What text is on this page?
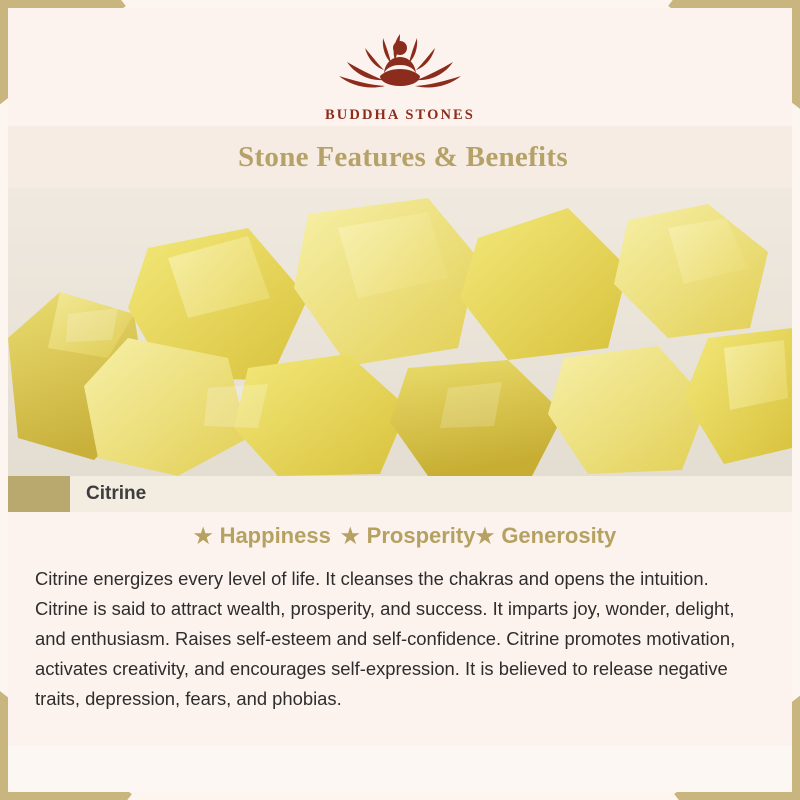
BUDDHA STONES
Stone Features & Benefits
Citrine
★ Happiness ★ Prosperity ★ Generosity
Citrine energizes every level of life. It cleanses the chakras and opens the intuition. Citrine is said to attract wealth, prosperity, and success. It imparts joy, wonder, delight, and enthusiasm. Raises self-esteem and self-confidence. Citrine promotes motivation, activates creativity, and encourages self-expression. It is believed to release negative traits, depression, fears, and phobias.
